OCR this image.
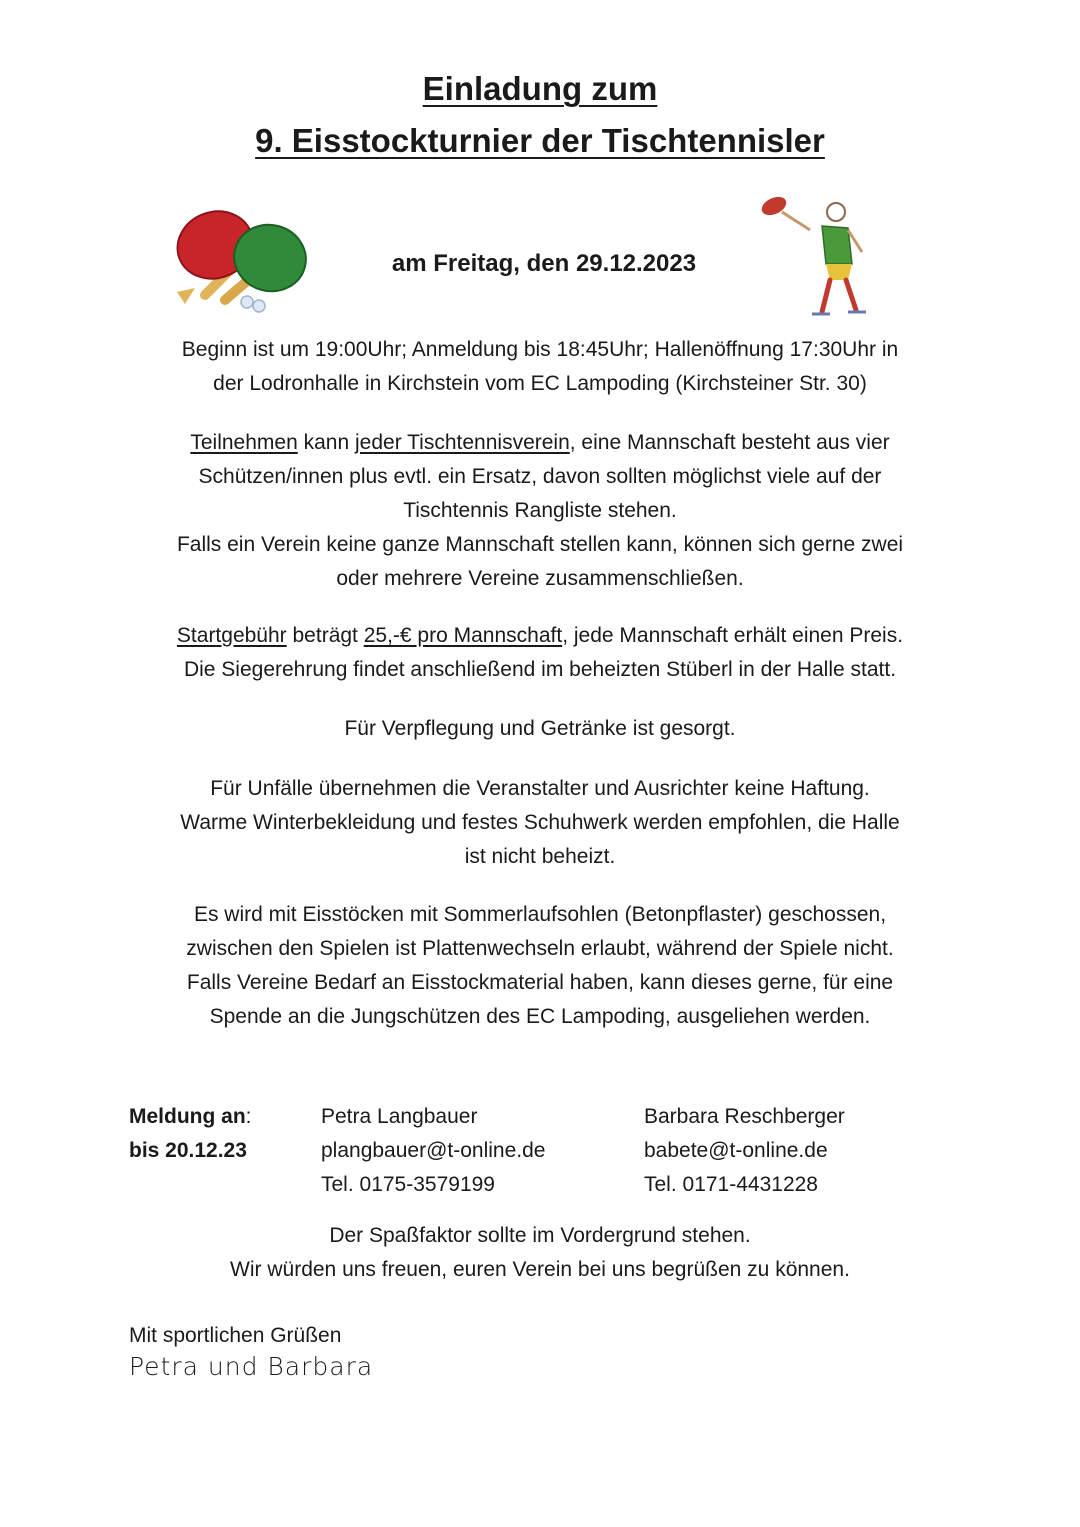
Einladung zum
9. Eisstockturnier der Tischtennisler
am Freitag, den 29.12.2023
Beginn ist um 19:00Uhr; Anmeldung bis 18:45Uhr; Hallenöffnung 17:30Uhr in
der Lodronhalle in Kirchstein vom EC Lampoding (Kirchsteiner Str. 30)
Teilnehmen kann jeder Tischtennisverein, eine Mannschaft besteht aus vier
Schützen/innen plus evtl. ein Ersatz, davon sollten möglichst viele auf der
Tischtennis Rangliste stehen.
Falls ein Verein keine ganze Mannschaft stellen kann, können sich gerne zwei
oder mehrere Vereine zusammenschließen.
Startgebühr beträgt 25,-€ pro Mannschaft, jede Mannschaft erhält einen Preis.
Die Siegerehrung findet anschließend im beheizten Stüberl in der Halle statt.
Für Verpflegung und Getränke ist gesorgt.
Für Unfälle übernehmen die Veranstalter und Ausrichter keine Haftung.
Warme Winterbekleidung und festes Schuhwerk werden empfohlen, die Halle
ist nicht beheizt.
Es wird mit Eisstöcken mit Sommerlaufsohlen (Betonpflaster) geschossen,
zwischen den Spielen ist Plattenwechseln erlaubt, während der Spiele nicht.
Falls Vereine Bedarf an Eisstockmaterial haben, kann dieses gerne, für eine
Spende an die Jungschützen des EC Lampoding, ausgeliehen werden.
Meldung an:
bis 20.12.23
Petra Langbauer
plangbauer@t-online.de
Tel. 0175-3579199
Barbara Reschberger
babete@t-online.de
Tel. 0171-4431228
Der Spaßfaktor sollte im Vordergrund stehen.
Wir würden uns freuen, euren Verein bei uns begrüßen zu können.
Mit sportlichen Grüßen
Petra und Barbara
